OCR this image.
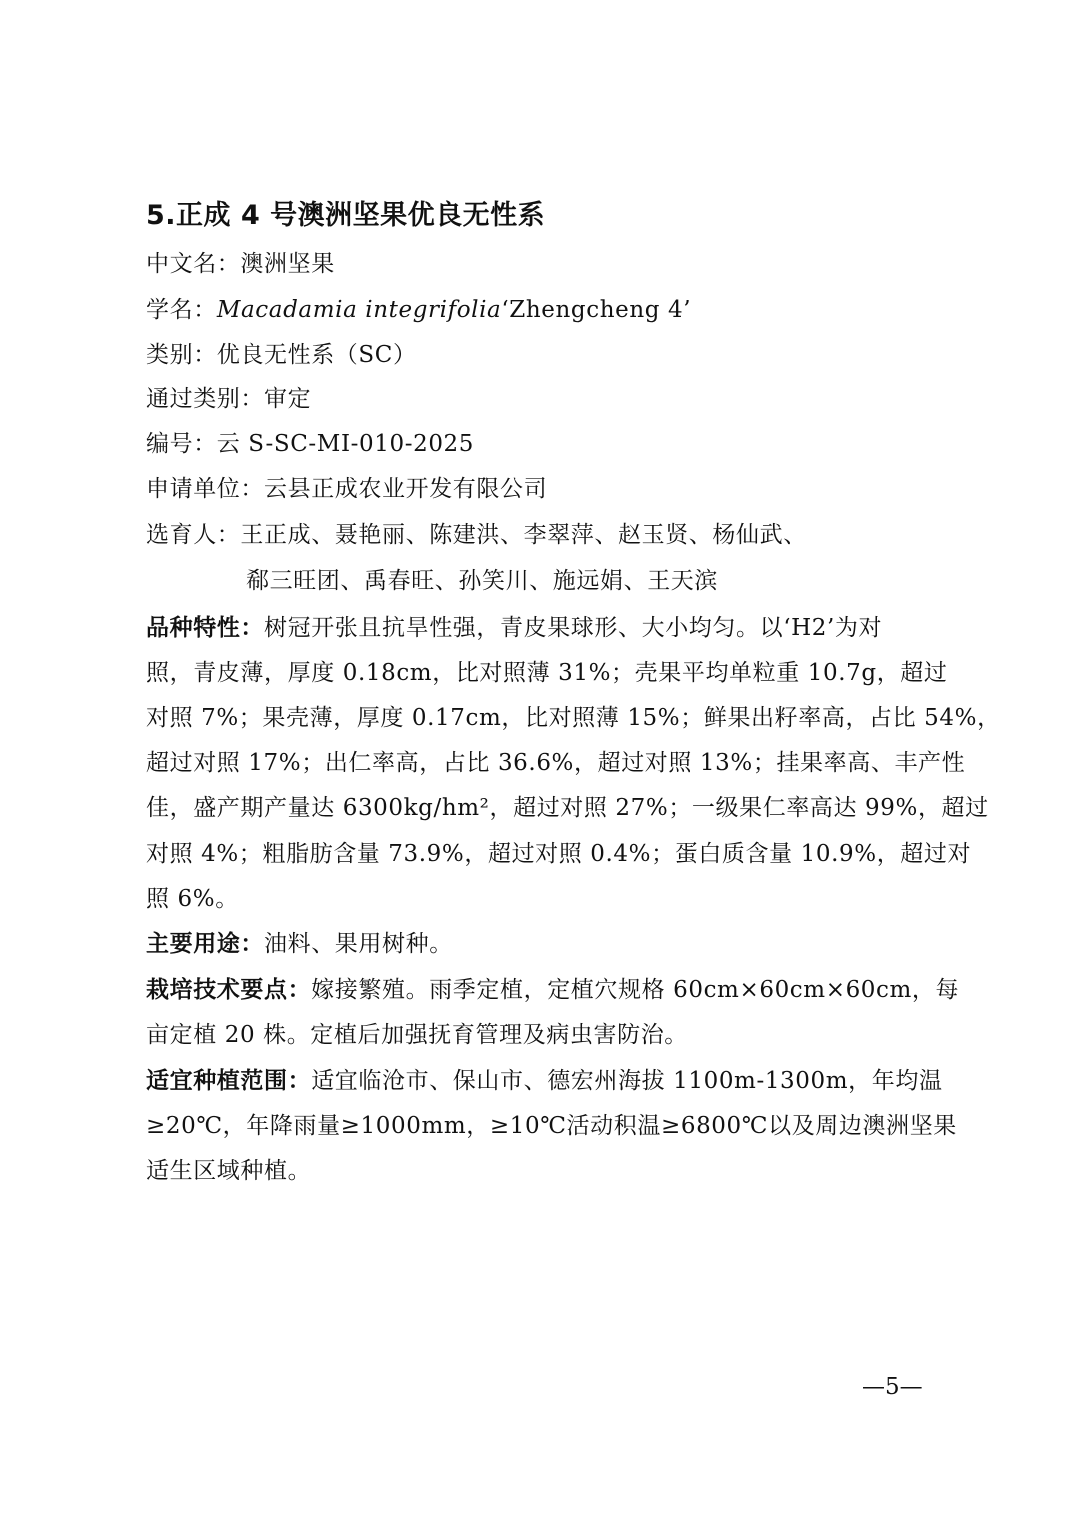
5.正成 4 号澳洲坚果优良无性系
中文名：澳洲坚果
学名：Macadamia integrifolia‘Zhengcheng 4’
类别：优良无性系（SC）
通过类别：审定
编号：云 S-SC-MI-010-2025
申请单位：云县正成农业开发有限公司
选育人：王正成、聂艳丽、陈建洪、李翠萍、赵玉贤、杨仙武、
郗三旺团、禹春旺、孙笑川、施远娟、王天滨
品种特性：树冠开张且抗旱性强，青皮果球形、大小均匀。以‘H2’为对
照，青皮薄，厚度 0.18cm，比对照薄 31%；壳果平均单粒重 10.7g，超过
对照 7%；果壳薄，厚度 0.17cm，比对照薄 15%；鲜果出籽率高，占比 54%，
超过对照 17%；出仁率高，占比 36.6%，超过对照 13%；挂果率高、丰产性
佳，盛产期产量达 6300kg/hm²，超过对照 27%；一级果仁率高达 99%，超过
对照 4%；粗脂肪含量 73.9%，超过对照 0.4%；蛋白质含量 10.9%，超过对
照 6%。
主要用途：油料、果用树种。
栽培技术要点：嫁接繁殖。雨季定植，定植穴规格 60cm×60cm×60cm，每
亩定植 20 株。定植后加强抚育管理及病虫害防治。
适宜种植范围：适宜临沧市、保山市、德宏州海拔 1100m-1300m，年均温
≥20℃，年降雨量≥1000mm，≥10℃活动积温≥6800℃以及周边澳洲坚果
适生区域种植。
—5—
